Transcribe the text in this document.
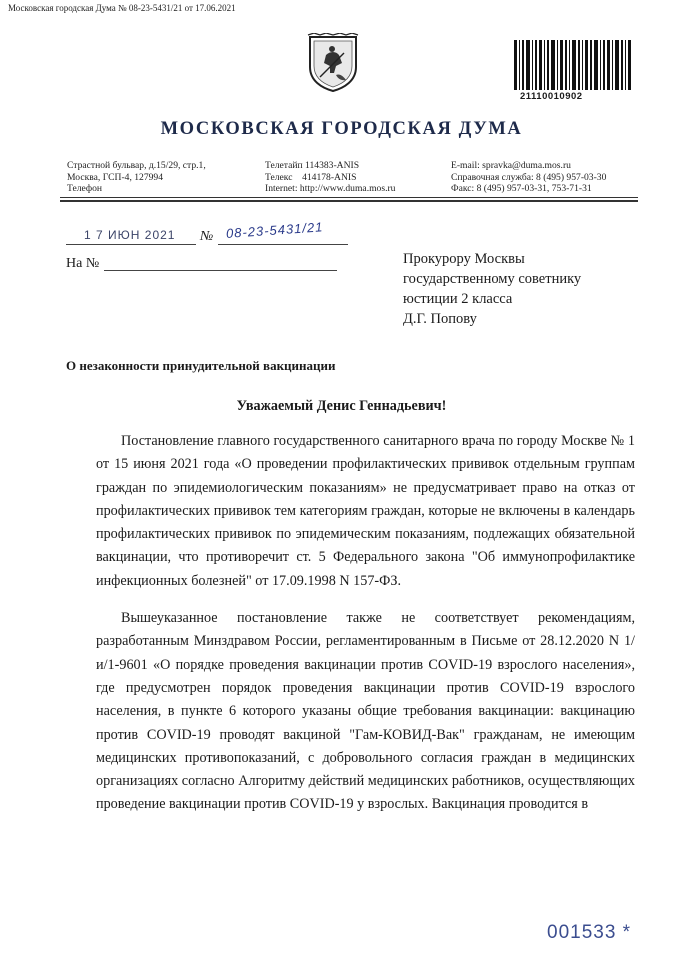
Московская городская Дума № 08-23-5431/21 от 17.06.2021
21110010902
МОСКОВСКАЯ ГОРОДСКАЯ ДУМА
Страстной бульвар, д.15/29, стр.1,
Москва, ГСП-4, 127994
Телефон
Телетайп 114383-ANIS
Телекс    414178-ANIS
Internet: http://www.duma.mos.ru
E-mail: spravka@duma.mos.ru
Справочная служба: 8 (495) 957-03-30
Факс: 8 (495) 957-03-31, 753-71-31
1 7 ИЮН 2021 № 08-23-5431/21
На №	Прокурору Москвы
государственному советнику
юстиции 2 класса
Д.Г. Попову
О незаконности принудительной вакцинации
Уважаемый Денис Геннадьевич!

Постановление главного государственного санитарного врача по городу Москве № 1 от 15 июня 2021 года «О проведении профилактических прививок отдельным группам граждан по эпидемиологическим показаниям» не предусматривает право на отказ от профилактических прививок тем категориям граждан, которые не включены в календарь профилактических прививок по эпидемическим показаниям, подлежащих обязательной вакцинации, что противоречит ст. 5 Федерального закона "Об иммунопрофилактике инфекционных болезней" от 17.09.1998 N 157-ФЗ.

Вышеуказанное постановление также не соответствует рекомендациям, разработанным Минздравом России, регламентированным в Письме от 28.12.2020 N 1/и/1-9601 «О порядке проведения вакцинации против COVID-19 взрослого населения», где предусмотрен порядок проведения вакцинации против COVID-19 взрослого населения, в пункте 6 которого указаны общие требования вакцинации: вакцинацию против COVID-19 проводят вакциной "Гам-КОВИД-Вак" гражданам, не имеющим медицинских противопоказаний, с добровольного согласия граждан в медицинских организациях согласно Алгоритму действий медицинских работников, осуществляющих проведение вакцинации против COVID-19 у взрослых. Вакцинация проводится в

001533 *
